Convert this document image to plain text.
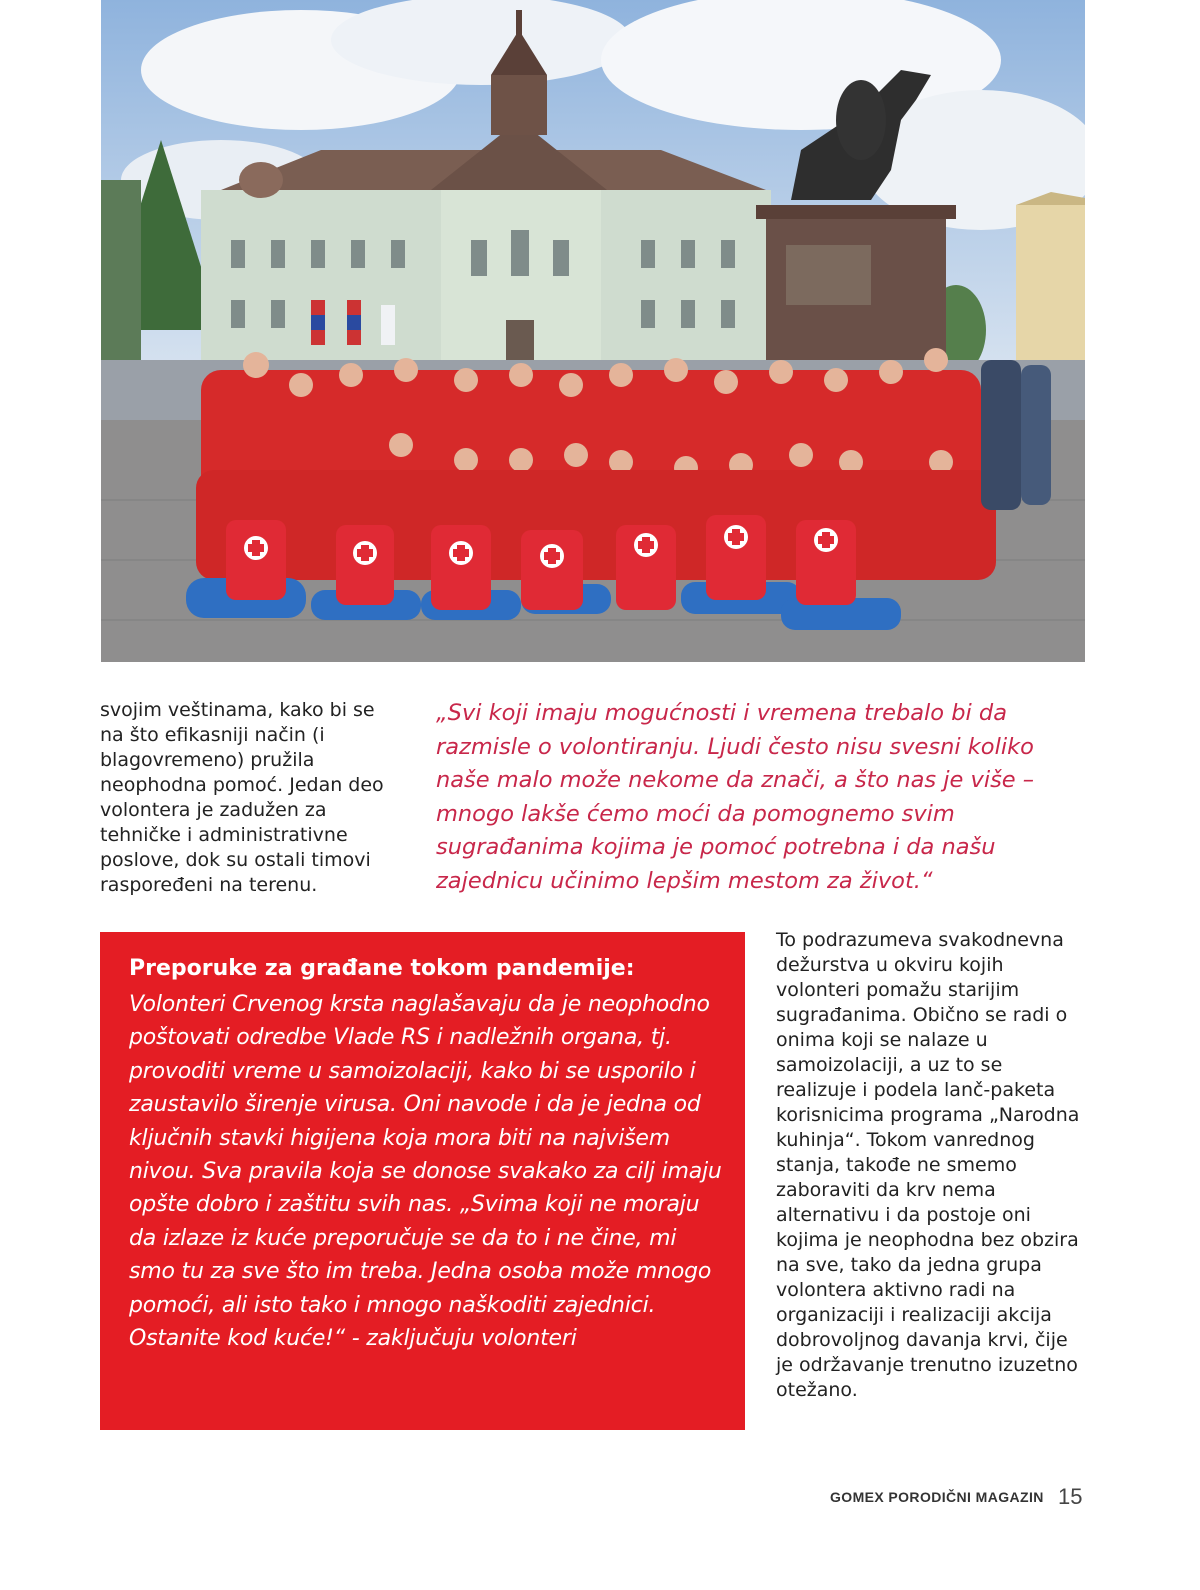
svojim veštinama, kako bi se na što efikasniji način (i blagovremeno) pružila neophodna pomoć. Jedan deo volontera je zadužen za tehničke i administrativne poslove, dok su ostali timovi raspoređeni na terenu.

„Svi koji imaju mogućnosti i vremena trebalo bi da razmisle o volontiranju. Ljudi često nisu svesni koliko naše malo može nekome da znači, a što nas je više – mnogo lakše ćemo moći da pomognemo svim sugrađanima kojima je pomoć potrebna i da našu zajednicu učinimo lepšim mestom za život.“

Preporuke za građane tokom pandemije:

Volonteri Crvenog krsta naglašavaju da je neophodno poštovati odredbe Vlade RS i nadležnih organa, tj. provoditi vreme u samoizolaciji, kako bi se usporilo i zaustavilo širenje virusa. Oni navode i da je jedna od ključnih stavki higijena koja mora biti na najvišem nivou. Sva pravila koja se donose svakako za cilj imaju opšte dobro i zaštitu svih nas. „Svima koji ne moraju da izlaze iz kuće preporučuje se da to i ne čine, mi smo tu za sve što im treba. Jedna osoba može mnogo pomoći, ali isto tako i mnogo naškoditi zajednici. Ostanite kod kuće!“ - zaključuju volonteri

To podrazumeva svakodnevna dežurstva u okviru kojih volonteri pomažu starijim sugrađanima. Obično se radi o onima koji se nalaze u samoizolaciji, a uz to se realizuje i podela lanč-paketa korisnicima programa „Narodna kuhinja“. Tokom vanrednog stanja, takođe ne smemo zaboraviti da krv nema alternativu i da postoje oni kojima je neophodna bez obzira na sve, tako da jedna grupa volontera aktivno radi na organizaciji i realizaciji akcija dobrovoljnog davanja krvi, čije je održavanje trenutno izuzetno otežano.

GOMEX PORODIČNI MAGAZIN 15
